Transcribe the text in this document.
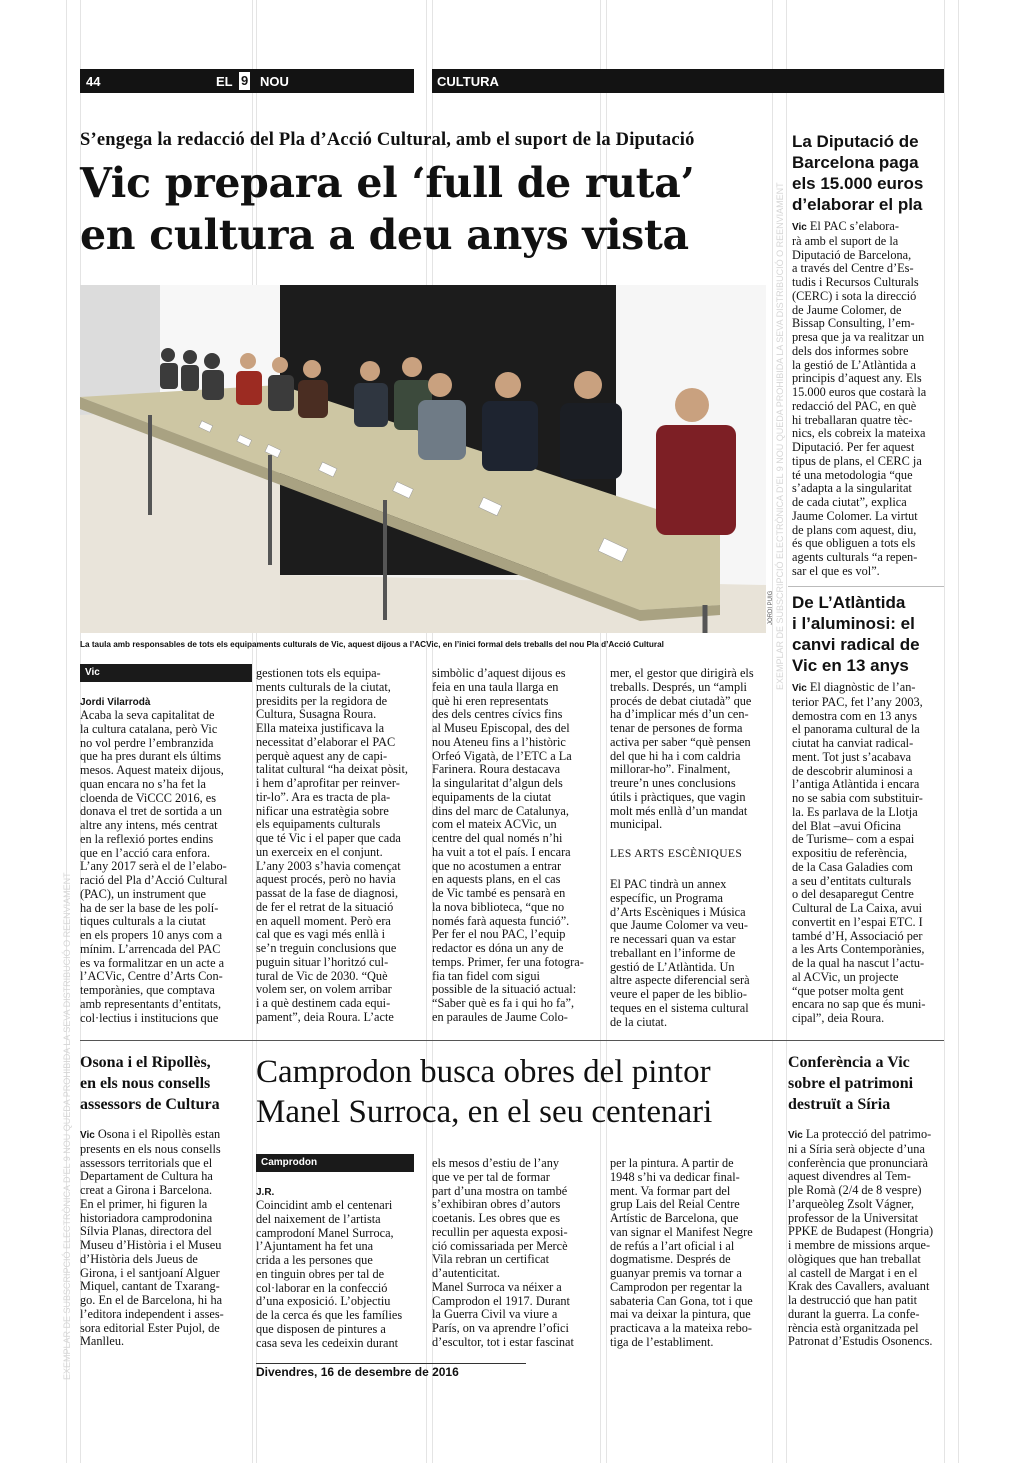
EXEMPLAR DE SUBSCRIPCIÓ ELECTRÒNICA D’EL 9 NOU QUEDA PROHIBIDA LA SEVA DISTRIBUCIÓ O REENVIAMENT
EXEMPLAR DE SUBSCRIPCIÓ ELECTRÒNICA D’EL 9 NOU QUEDA PROHIBIDA LA SEVA DISTRIBUCIÓ O REENVIAMENT
44	EL 9 NOU	CULTURA
S’engega la redacció del Pla d’Acció Cultural, amb el suport de la Diputació
Vic prepara el ‘full de ruta’
en cultura a deu anys vista
JORDI PUIG
La taula amb responsables de tots els equipaments culturals de Vic, aquest dijous a l’ACVic, en l’inici formal dels treballs del nou Pla d’Acció Cultural
Vic
Jordi Vilarrodà
Acaba la seva capitalitat de
la cultura catalana, però Vic
no vol perdre l’embranzida
que ha pres durant els últims
mesos. Aquest mateix dijous,
quan encara no s’ha fet la
cloenda de ViCCC 2016, es
donava el tret de sortida a un
altre any intens, més centrat
en la reflexió portes endins
que en l’acció cara enfora.
L’any 2017 serà el de l’elabo-
ració del Pla d’Acció Cultural
(PAC), un instrument que
ha de ser la base de les polí-
tiques culturals a la ciutat
en els propers 10 anys com a
mínim. L’arrencada del PAC
es va formalitzar en un acte a
l’ACVic, Centre d’Arts Con-
temporànies, que comptava
amb representants d’entitats,
col·lectius i institucions que
gestionen tots els equipa-
ments culturals de la ciutat,
presidits per la regidora de
Cultura, Susagna Roura.
Ella mateixa justificava la
necessitat d’elaborar el PAC
perquè aquest any de capi-
talitat cultural “ha deixat pòsit,
i hem d’aprofitar per reinver-
tir-lo”. Ara es tracta de pla-
nificar una estratègia sobre
els equipaments culturals
que té Vic i el paper que cada
un exerceix en el conjunt.
L’any 2003 s’havia començat
aquest procés, però no havia
passat de la fase de diagnosi,
de fer el retrat de la situació
en aquell moment. Però era
cal que es vagi més enllà i
se’n treguin conclusions que
puguin situar l’horitzó cul-
tural de Vic de 2030. “Què
volem ser, on volem arribar
i a què destinem cada equi-
pament”, deia Roura. L’acte
simbòlic d’aquest dijous es
feia en una taula llarga en
què hi eren representats
des dels centres cívics fins
al Museu Episcopal, des del
nou Ateneu fins a l’històric
Orfeó Vigatà, de l’ETC a La
Farinera. Roura destacava
la singularitat d’algun dels
equipaments de la ciutat
dins del marc de Catalunya,
com el mateix ACVic, un
centre del qual només n’hi
ha vuit a tot el país. I encara
que no acostumen a entrar
en aquests plans, en el cas
de Vic també es pensarà en
la nova biblioteca, “que no
només farà aquesta funció”.
Per fer el nou PAC, l’equip
redactor es dóna un any de
temps. Primer, fer una fotogra-
fia tan fidel com sigui
possible de la situació actual:
“Saber què es fa i qui ho fa”,
en paraules de Jaume Colo-
mer, el gestor que dirigirà els
treballs. Després, un “ampli
procés de debat ciutadà” que
ha d’implicar més d’un cen-
tenar de persones de forma
activa per saber “què pensen
del que hi ha i com caldria
millorar-ho”. Finalment,
treure’n unes conclusions
útils i pràctiques, que vagin
molt més enllà d’un mandat
municipal.
LES ARTS ESCÈNIQUES
El PAC tindrà un annex
específic, un Programa
d’Arts Escèniques i Música
que Jaume Colomer va veu-
re necessari quan va estar
treballant en l’informe de
gestió de L’Atlàntida. Un
altre aspecte diferencial serà
veure el paper de les biblio-
teques en el sistema cultural
de la ciutat.
La Diputació de
Barcelona paga
els 15.000 euros
d’elaborar el pla
Vic El PAC s’elabora-
rà amb el suport de la
Diputació de Barcelona,
a través del Centre d’Es-
tudis i Recursos Culturals
(CERC) i sota la direcció
de Jaume Colomer, de
Bissap Consulting, l’em-
presa que ja va realitzar un
dels dos informes sobre
la gestió de L’Atlàntida a
principis d’aquest any. Els
15.000 euros que costarà la
redacció del PAC, en què
hi treballaran quatre tèc-
nics, els cobreix la mateixa
Diputació. Per fer aquest
tipus de plans, el CERC ja
té una metodologia “que
s’adapta a la singularitat
de cada ciutat”, explica
Jaume Colomer. La virtut
de plans com aquest, diu,
és que obliguen a tots els
agents culturals “a repen-
sar el que es vol”.
De L’Atlàntida
i l’aluminosi: el
canvi radical de
Vic en 13 anys
Vic El diagnòstic de l’an-
terior PAC, fet l’any 2003,
demostra com en 13 anys
el panorama cultural de la
ciutat ha canviat radical-
ment. Tot just s’acabava
de descobrir aluminosi a
l’antiga Atlàntida i encara
no se sabia com substituir-
la. Es parlava de la Llotja
del Blat –avui Oficina
de Turisme– com a espai
expositiu de referència,
de la Casa Galadies com
a seu d’entitats culturals
o del desaparegut Centre
Cultural de La Caixa, avui
convertit en l’espai ETC. I
també d’H, Associació per
a les Arts Contemporànies,
de la qual ha nascut l’actu-
al ACVic, un projecte
“que potser molta gent
encara no sap que és muni-
cipal”, deia Roura.
Osona i el Ripollès,
en els nous consells
assessors de Cultura
Vic Osona i el Ripollès estan
presents en els nous consells
assessors territorials que el
Departament de Cultura ha
creat a Girona i Barcelona.
En el primer, hi figuren la
historiadora camprodonina
Sílvia Planas, directora del
Museu d’Història i el Museu
d’Història dels Jueus de
Girona, i el santjoaní Alguer
Miquel, cantant de Txarang-
go. En el de Barcelona, hi ha
l’editora independent i asses-
sora editorial Ester Pujol, de
Manlleu.
Camprodon busca obres del pintor
Manel Surroca, en el seu centenari
Camprodon
J.R.
Coincidint amb el centenari
del naixement de l’artista
camprodoní Manel Surroca,
l’Ajuntament ha fet una
crida a les persones que
en tinguin obres per tal de
col·laborar en la confecció
d’una exposició. L’objectiu
de la cerca és que les famílies
que disposen de pintures a
casa seva les cedeixin durant
els mesos d’estiu de l’any
que ve per tal de formar
part d’una mostra on també
s’exhibiran obres d’autors
coetanis. Les obres que es
recullin per aquesta exposi-
ció comissariada per Mercè
Vila rebran un certificat
d’autenticitat.
Manel Surroca va néixer a
Camprodon el 1917. Durant
la Guerra Civil va viure a
París, on va aprendre l’ofici
d’escultor, tot i estar fascinat
per la pintura. A partir de
1948 s’hi va dedicar final-
ment. Va formar part del
grup Lais del Reial Centre
Artístic de Barcelona, que
van signar el Manifest Negre
de refús a l’art oficial i al
dogmatisme. Després de
guanyar premis va tornar a
Camprodon per regentar la
sabateria Can Gona, tot i que
mai va deixar la pintura, que
practicava a la mateixa rebo-
tiga de l’establiment.
Conferència a Vic
sobre el patrimoni
destruït a Síria
Vic La protecció del patrimo-
ni a Síria serà objecte d’una
conferència que pronunciarà
aquest divendres al Tem-
ple Romà (2/4 de 8 vespre)
l’arqueòleg Zsolt Vágner,
professor de la Universitat
PPKE de Budapest (Hongria)
i membre de missions arque-
ològiques que han treballat
al castell de Margat i en el
Krak des Cavallers, avaluant
la destrucció que han patit
durant la guerra. La confe-
rència està organitzada pel
Patronat d’Estudis Osonencs.
Divendres, 16 de desembre de 2016
